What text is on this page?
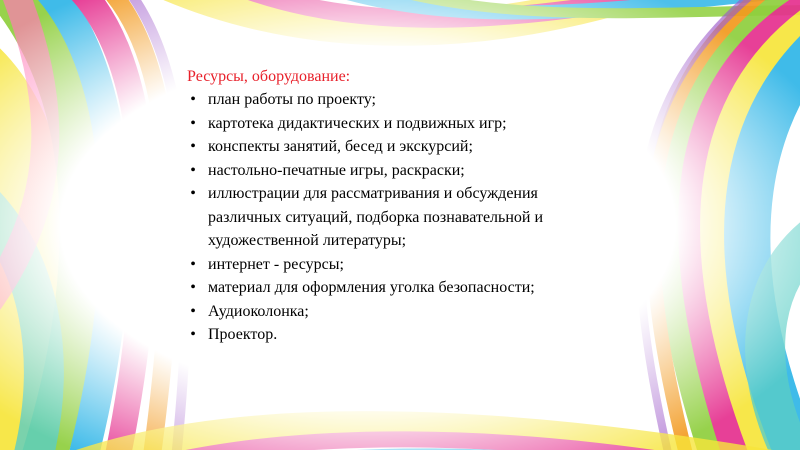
Ресурсы, оборудование:
• план работы по проекту;
• картотека дидактических и подвижных игр;
• конспекты занятий, бесед и экскурсий;
• настольно-печатные игры, раскраски;
• иллюстрации для рассматривания и обсуждения различных ситуаций, подборка познавательной и художественной литературы;
• интернет - ресурсы;
• материал для оформления уголка безопасности;
• Аудиоколонка;
• Проектор.
